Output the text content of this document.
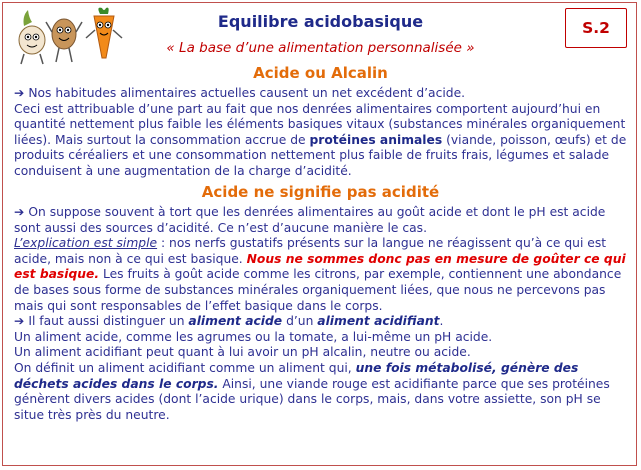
Equilibre acidobasique
« La base d’une alimentation personnalisée »
S.2
Acide ou Alcalin

➔ Nos habitudes alimentaires actuelles causent un net excédent d’acide.

Ceci est attribuable d’une part au fait que nos denrées alimentaires comportent aujourd’hui en quantité nettement plus faible les éléments basiques vitaux (substances minérales organiquement liées). Mais surtout la consommation accrue de protéines animales (viande, poisson, œufs) et de produits céréaliers et une consommation nettement plus faible de fruits frais, légumes et salade conduisent à une augmentation de la charge d’acidité.

Acide ne signifie pas acidité

➔ On suppose souvent à tort que les denrées alimentaires au goût acide et dont le pH est acide sont aussi des sources d’acidité. Ce n’est d’aucune manière le cas.

L’explication est simple : nos nerfs gustatifs présents sur la langue ne réagissent qu’à ce qui est acide, mais non à ce qui est basique. Nous ne sommes donc pas en mesure de goûter ce qui est basique. Les fruits à goût acide comme les citrons, par exemple, contiennent une abondance de bases sous forme de substances minérales organiquement liées, que nous ne percevons pas mais qui sont responsables de l’effet basique dans le corps.

➔ Il faut aussi distinguer un aliment acide d’un aliment acidifiant.

Un aliment acide, comme les agrumes ou la tomate, a lui-même un pH acide.

Un aliment acidifiant peut quant à lui avoir un pH alcalin, neutre ou acide.

On définit un aliment acidifiant comme un aliment qui, une fois métabolisé, génère des déchets acides dans le corps. Ainsi, une viande rouge est acidifiante parce que ses protéines génèrent divers acides (dont l’acide urique) dans le corps, mais, dans votre assiette, son pH se situe très près du neutre.
